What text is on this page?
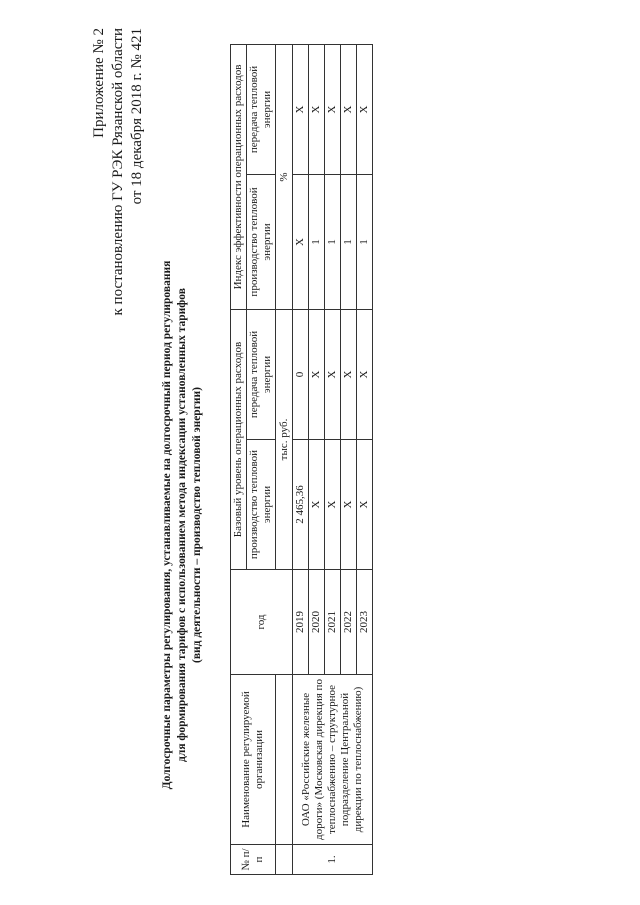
Приложение № 2 к постановлению ГУ РЭК Рязанской области от 18 декабря 2018 г. № 421
Долгосрочные параметры регулирования, устанавливаемые на долгосрочный период регулирования для формирования тарифов с использованием метода индексации установленных тарифов (вид деятельности – производство тепловой энергии)
№ п/п	Наименование регулируемой организации	год	Базовый уровень операционных расходов		Индекс эффективности операционных расходов	
			производство тепловой энергии	передача тепловой энергии	производство тепловой энергии	передача тепловой энергии
			тыс. руб.		%	
1.	ОАО «Российские железные дороги» (Московская дирекция по теплоснабжению – структурное подразделение Центральной дирекции по теплоснабжению)	2019	2 465,36	0	Х	Х
		2020	Х	Х	1	Х
		2021	Х	Х	1	Х
		2022	Х	Х	1	Х
		2023	Х	Х	1	Х
